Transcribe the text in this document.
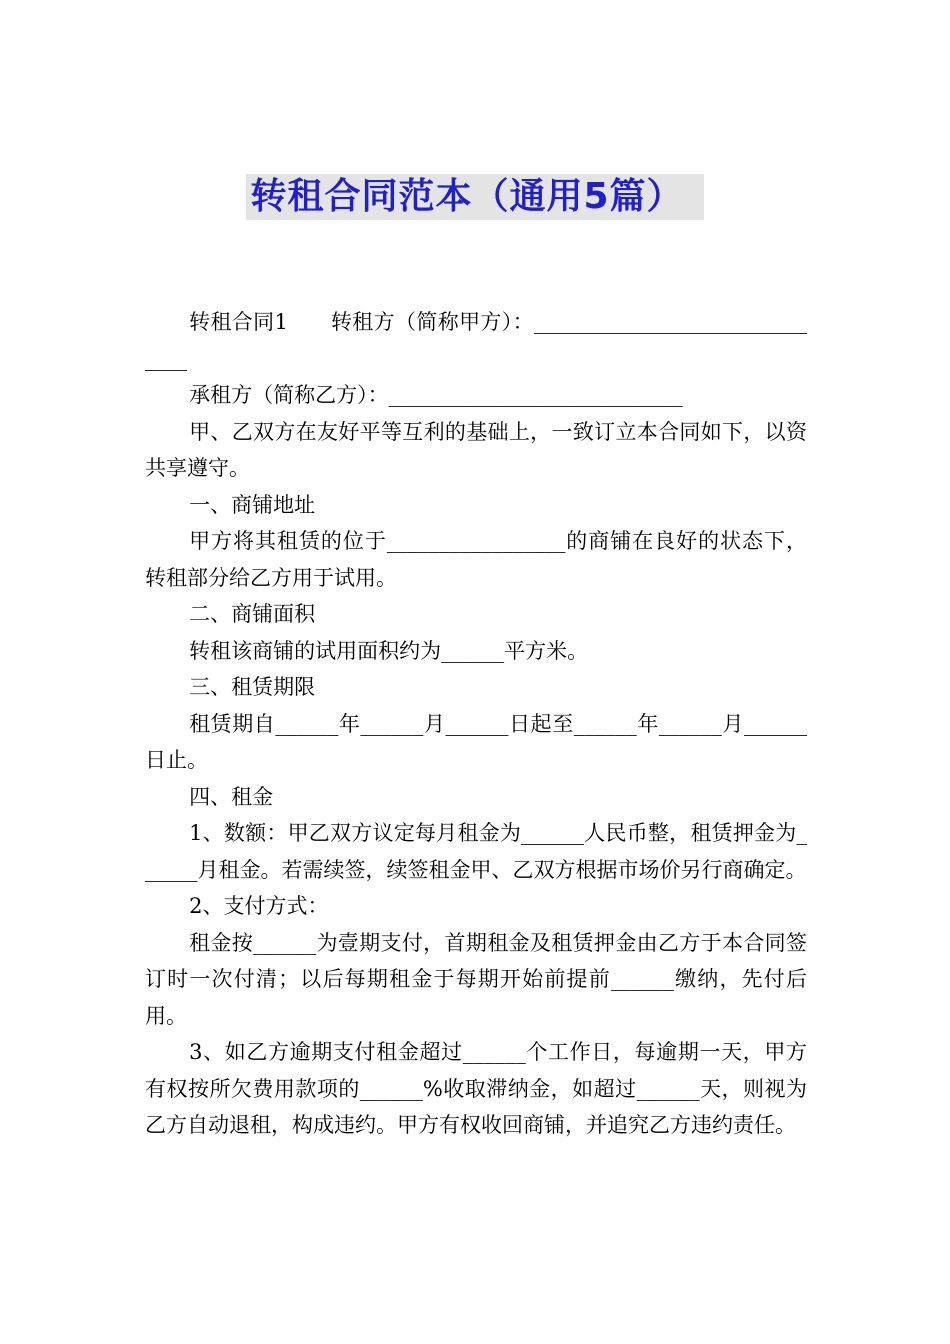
转租合同范本（通用5篇）

转租合同1　　转租方（简称甲方）：______________________________

承租方（简称乙方）：____________________________

甲、乙双方在友好平等互利的基础上，一致订立本合同如下，以资共享遵守。

一、商铺地址

甲方将其租赁的位于_________________的商铺在良好的状态下，转租部分给乙方用于试用。

二、商铺面积

转租该商铺的试用面积约为______平方米。

三、租赁期限

租赁期自______年______月______日起至______年______月______日止。

四、租金

1、数额：甲乙双方议定每月租金为______人民币整，租赁押金为______月租金。若需续签，续签租金甲、乙双方根据市场价另行商确定。

2、支付方式：

租金按______为壹期支付，首期租金及租赁押金由乙方于本合同签订时一次付清；以后每期租金于每期开始前提前______缴纳，先付后用。

3、如乙方逾期支付租金超过______个工作日，每逾期一天，甲方有权按所欠费用款项的______%收取滞纳金，如超过______天，则视为乙方自动退租，构成违约。甲方有权收回商铺，并追究乙方违约责任。
